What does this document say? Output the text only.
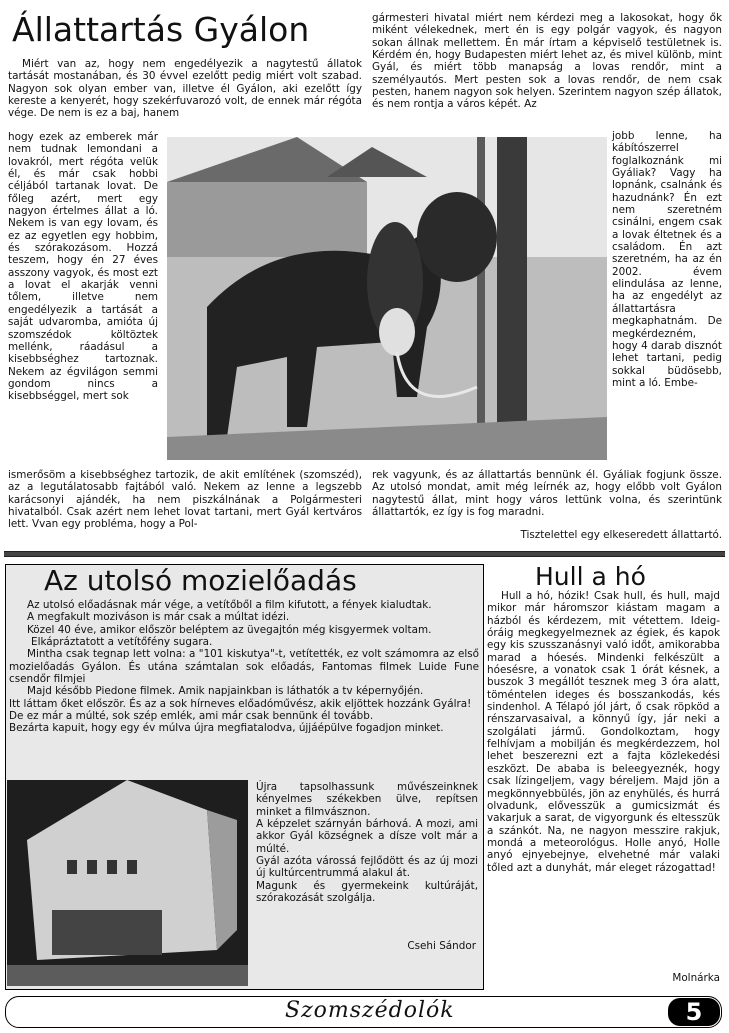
Állattartás Gyálon
Miért van az, hogy nem engedélyezik a nagytestű állatok tartását mostanában, és 30 évvel ezelőtt pedig miért volt szabad. Nagyon sok olyan ember van, illetve él Gyálon, aki ezelőtt így kereste a kenyerét, hogy szekérfuvarozó volt, de ennek már régóta vége. De nem is ez a baj, hanem
hogy ezek az emberek már nem tudnak lemondani a lovakról, mert régóta velük él, és már csak hobbi céljából tartanak lovat. De főleg azért, mert egy nagyon értelmes állat a ló. Nekem is van egy lovam, és ez az egyetlen egy hobbim, és szórakozásom. Hozzá teszem, hogy én 27 éves asszony vagyok, és most ezt a lovat el akarják venni tőlem, illetve nem engedélyezik a tartását a saját udvaromba, amióta új szomszédok költöztek mellénk, ráadásul a kisebbséghez tartoznak. Nekem az égvilágon semmi gondom nincs a kisebbséggel, mert sok
ismerősöm a kisebbséghez tartozik, de akit említének (szomszéd), az a legutálatosabb fajtából való. Nekem az lenne a legszebb karácsonyi ajándék, ha nem piszkálnának a Polgármesteri hivatalból. Csak azért nem lehet lovat tartani, mert Gyál kertváros lett. Vvan egy probléma, hogy a Pol-
gármesteri hivatal miért nem kérdezi meg a lakosokat, hogy ők miként vélekednek, mert én is egy polgár vagyok, és nagyon sokan állnak mellettem. Én már írtam a képviselő testületnek is. Kérdém én, hogy Budapesten miért lehet az, és mivel különb, mint Gyál, és miért több manapság a lovas rendőr, mint a személyautós. Mert pesten sok a lovas rendőr, de nem csak pesten, hanem nagyon sok helyen. Szerintem nagyon szép állatok, és nem rontja a város képét. Az
jobb lenne, ha kábítószerrel foglalkoznánk mi Gyáliak? Vagy ha lopnánk, csalnánk és hazudnánk? Én ezt nem szeretném csinálni, engem csak a lovak éltetnek és a családom. Én azt szeretném, ha az én 2002. évem elindulása az lenne, ha az engedélyt az állattartásra megkaphatnám. De megkérdezném, hogy 4 darab disznót lehet tartani, pedig sokkal büdösebb, mint a ló. Embe-
rek vagyunk, és az állattartás bennünk él. Gyáliak fogjunk össze. Az utolsó mondat, amit még leírnék az, hogy előbb volt Gyálon nagytestű állat, mint hogy város lettünk volna, és szerintünk állattartók, ez így is fog maradni.
Tisztelettel egy elkeseredett állattartó.
Az utolsó mozielőadás
Az utolsó előadásnak már vége, a vetítőből a film kifutott, a fények kialudtak.
A megfakult moziváson is már csak a múltat idézi.
Közel 40 éve, amikor először beléptem az üvegajtón még kisgyermek voltam.
Elkápráztatott a vetítőfény sugara.
Mintha csak tegnap lett volna: a "101 kiskutya"-t, vetítették, ez volt számomra az első mozielőadás Gyálon. És utána számtalan sok előadás, Fantomas filmek Luide Fune csendőr filmjei
Majd később Piedone filmek. Amik napjainkban is láthatók a tv képernyőjén.
Itt láttam őket először. És az a sok hírneves előadóművész, akik eljöttek hozzánk Gyálra!
De ez már a múlté, sok szép emlék, ami már csak bennünk él tovább.
Bezárta kapuit, hogy egy év múlva újra megfiatalodva, újjáépülve fogadjon minket.
Újra tapsolhassunk művészeinknek kényelmes székekben ülve, repítsen minket a filmvásznon.
A képzelet szárnyán bárhová. A mozi, ami akkor Gyál községnek a dísze volt már a múlté.
Gyál azóta várossá fejlődött és az új mozi új kultúrcentrummá alakul át.
Magunk és gyermekeink kultúráját, szórakozását szolgálja.
Csehi Sándor
Hull a hó
Hull a hó, hózik! Csak hull, és hull, majd mikor már háromszor kiástam magam a házból és kérdezem, mit vétettem. Ideig-óráig megkegyelmeznek az égiek, és kapok egy kis szusszanásnyi való időt, amikorabba marad a hóesés. Mindenki felkészült a hóesésre, a vonatok csak 1 órát késnek, a buszok 3 megállót tesznek meg 3 óra alatt, töméntelen ideges és bosszankodás, kés sindenhol. A Télapó jól járt, ő csak röpköd a rénszarvasaival, a könnyű így, jár neki a szolgálati jármű. Gondolkoztam, hogy felhívjam a mobilján és megkérdezzem, hol lehet beszerezni ezt a fajta közlekedési eszközt. De ababa is beleegyeznék, hogy csak lízingeljem, vagy béreljem. Majd jön a megkönnyebbülés, jön az enyhülés, és hurrá olvadunk, elővesszük a gumicsizmát és vakarjuk a sarat, de vigyorgunk és eltesszük a szánkót. Na, ne nagyon messzire rakjuk, mondá a meteorológus. Holle anyó, Holle anyó ejnyebejnye, elvehetné már valaki tőled azt a dunyhát, már eleget rázogattad!
Molnárka
Szomszédolók	5
